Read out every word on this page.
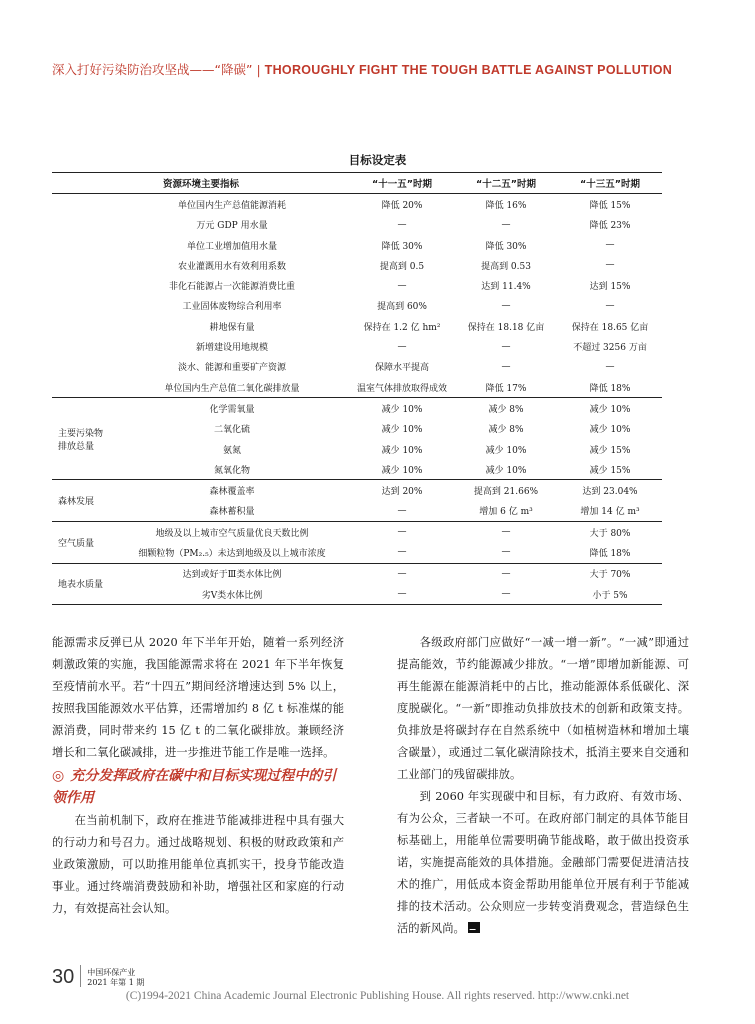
深入打好污染防治攻坚战——“降碳” | THOROUGHLY FIGHT THE TOUGH BATTLE AGAINST POLLUTION
目标设定表
资源环境主要指标		“十一五”时期	“十二五”时期	“十三五”时期
	单位国内生产总值能源消耗	降低 20%	降低 16%	降低 15%
	万元 GDP 用水量	—	—	降低 23%
	单位工业增加值用水量	降低 30%	降低 30%	—
	农业灌溉用水有效利用系数	提高到 0.5	提高到 0.53	—
	非化石能源占一次能源消费比重	—	达到 11.4%	达到 15%
	工业固体废物综合利用率	提高到 60%	—	—
	耕地保有量	保持在 1.2 亿 hm²	保持在 18.18 亿亩	保持在 18.65 亿亩
	新增建设用地规模	—	—	不超过 3256 万亩
	淡水、能源和重要矿产资源	保障水平提高	—	—
	单位国内生产总值二氧化碳排放量	温室气体排放取得成效	降低 17%	降低 18%
主要污染物
排放总量	化学需氧量	减少 10%	减少 8%	减少 10%
	二氧化硫	减少 10%	减少 8%	减少 10%
	氨氮	减少 10%	减少 10%	减少 15%
	氮氧化物	减少 10%	减少 10%	减少 15%
森林发展	森林覆盖率	达到 20%	提高到 21.66%	达到 23.04%
	森林蓄积量	—	增加 6 亿 m³	增加 14 亿 m³
空气质量	地级及以上城市空气质量优良天数比例	—	—	大于 80%
	细颗粒物（PM₂.₅）未达到地级及以上城市浓度	—	—	降低 18%
地表水质量	达到或好于Ⅲ类水体比例	—	—	大于 70%
	劣Ⅴ类水体比例	—	—	小于 5%

能源需求反弹已从 2020 年下半年开始，随着一系列经济刺激政策的实施，我国能源需求将在 2021 年下半年恢复至疫情前水平。若“十四五”期间经济增速达到 5% 以上，按照我国能源效水平估算，还需增加约 8 亿 t 标准煤的能源消费，同时带来约 15 亿 t 的二氧化碳排放。兼顾经济增长和二氧化碳减排，进一步推进节能工作是唯一选择。

◎ 充分发挥政府在碳中和目标实现过程中的引领作用

在当前机制下，政府在推进节能减排进程中具有强大的行动力和号召力。通过战略规划、积极的财政政策和产业政策激励，可以助推用能单位真抓实干，投身节能改造事业。通过终端消费鼓励和补助，增强社区和家庭的行动力，有效提高社会认知。

各级政府部门应做好“一减一增一新”。“一减”即通过提高能效，节约能源减少排放。“一增”即增加新能源、可再生能源在能源消耗中的占比，推动能源体系低碳化、深度脱碳化。“一新”即推动负排放技术的创新和政策支持。负排放是将碳封存在自然系统中（如植树造林和增加土壤含碳量），或通过二氧化碳清除技术，抵消主要来自交通和工业部门的残留碳排放。

到 2060 年实现碳中和目标，有力政府、有效市场、有为公众，三者缺一不可。在政府部门制定的具体节能目标基础上，用能单位需要明确节能战略，敢于做出投资承诺，实施提高能效的具体措施。金融部门需要促进清洁技术的推广，用低成本资金帮助用能单位开展有利于节能减排的技术活动。公众则应一步转变消费观念，营造绿色生活的新风尚。

30 中国环保产业
2021 年第 1 期
(C)1994-2021 China Academic Journal Electronic Publishing House. All rights reserved. http://www.cnki.net
